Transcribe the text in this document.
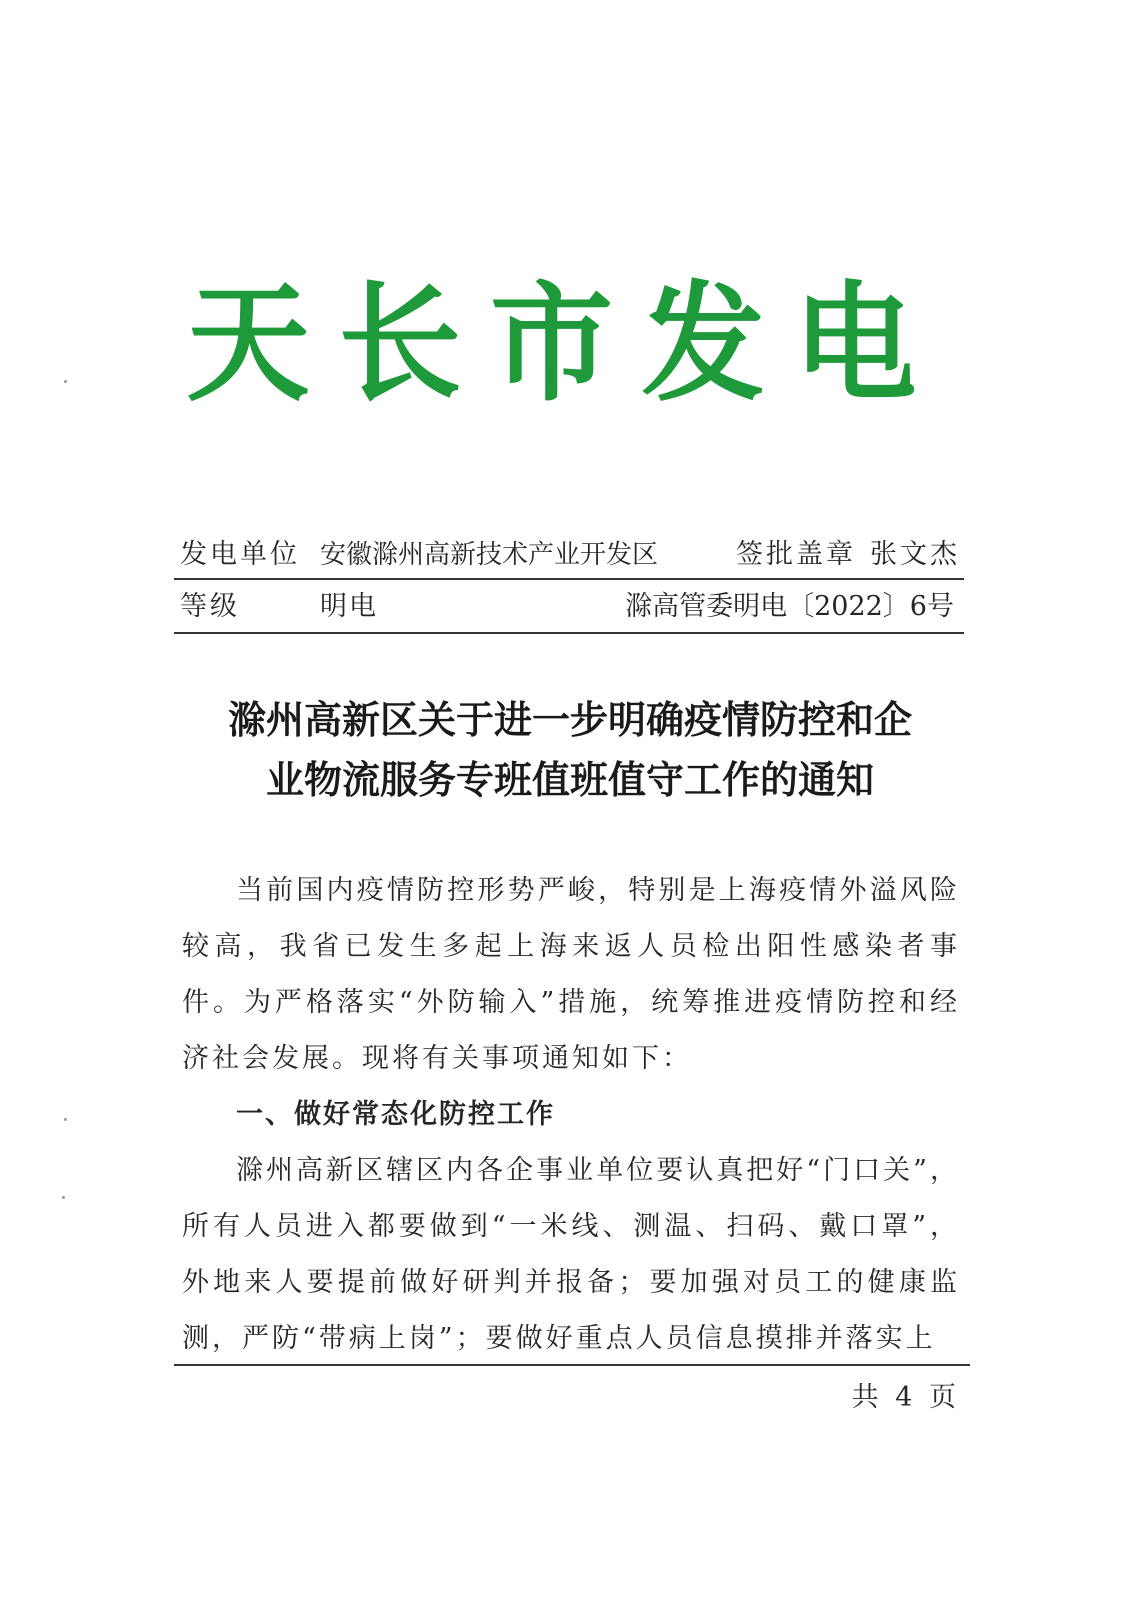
天长市发电
发电单位 安徽滁州高新技术产业开发区	签批盖章 张文杰
等级	明电	滁高管委明电〔2022〕6号
滁州高新区关于进一步明确疫情防控和企
业物流服务专班值班值守工作的通知

当前国内疫情防控形势严峻，特别是上海疫情外溢风险较高，我省已发生多起上海来返人员检出阳性感染者事件。为严格落实“外防输入”措施，统筹推进疫情防控和经济社会发展。现将有关事项通知如下：

一、做好常态化防控工作

滁州高新区辖区内各企事业单位要认真把好“门口关”，所有人员进入都要做到“一米线、测温、扫码、戴口罩”，外地来人要提前做好研判并报备；要加强对员工的健康监测，严防“带病上岗”；要做好重点人员信息摸排并落实上

共 4 页
